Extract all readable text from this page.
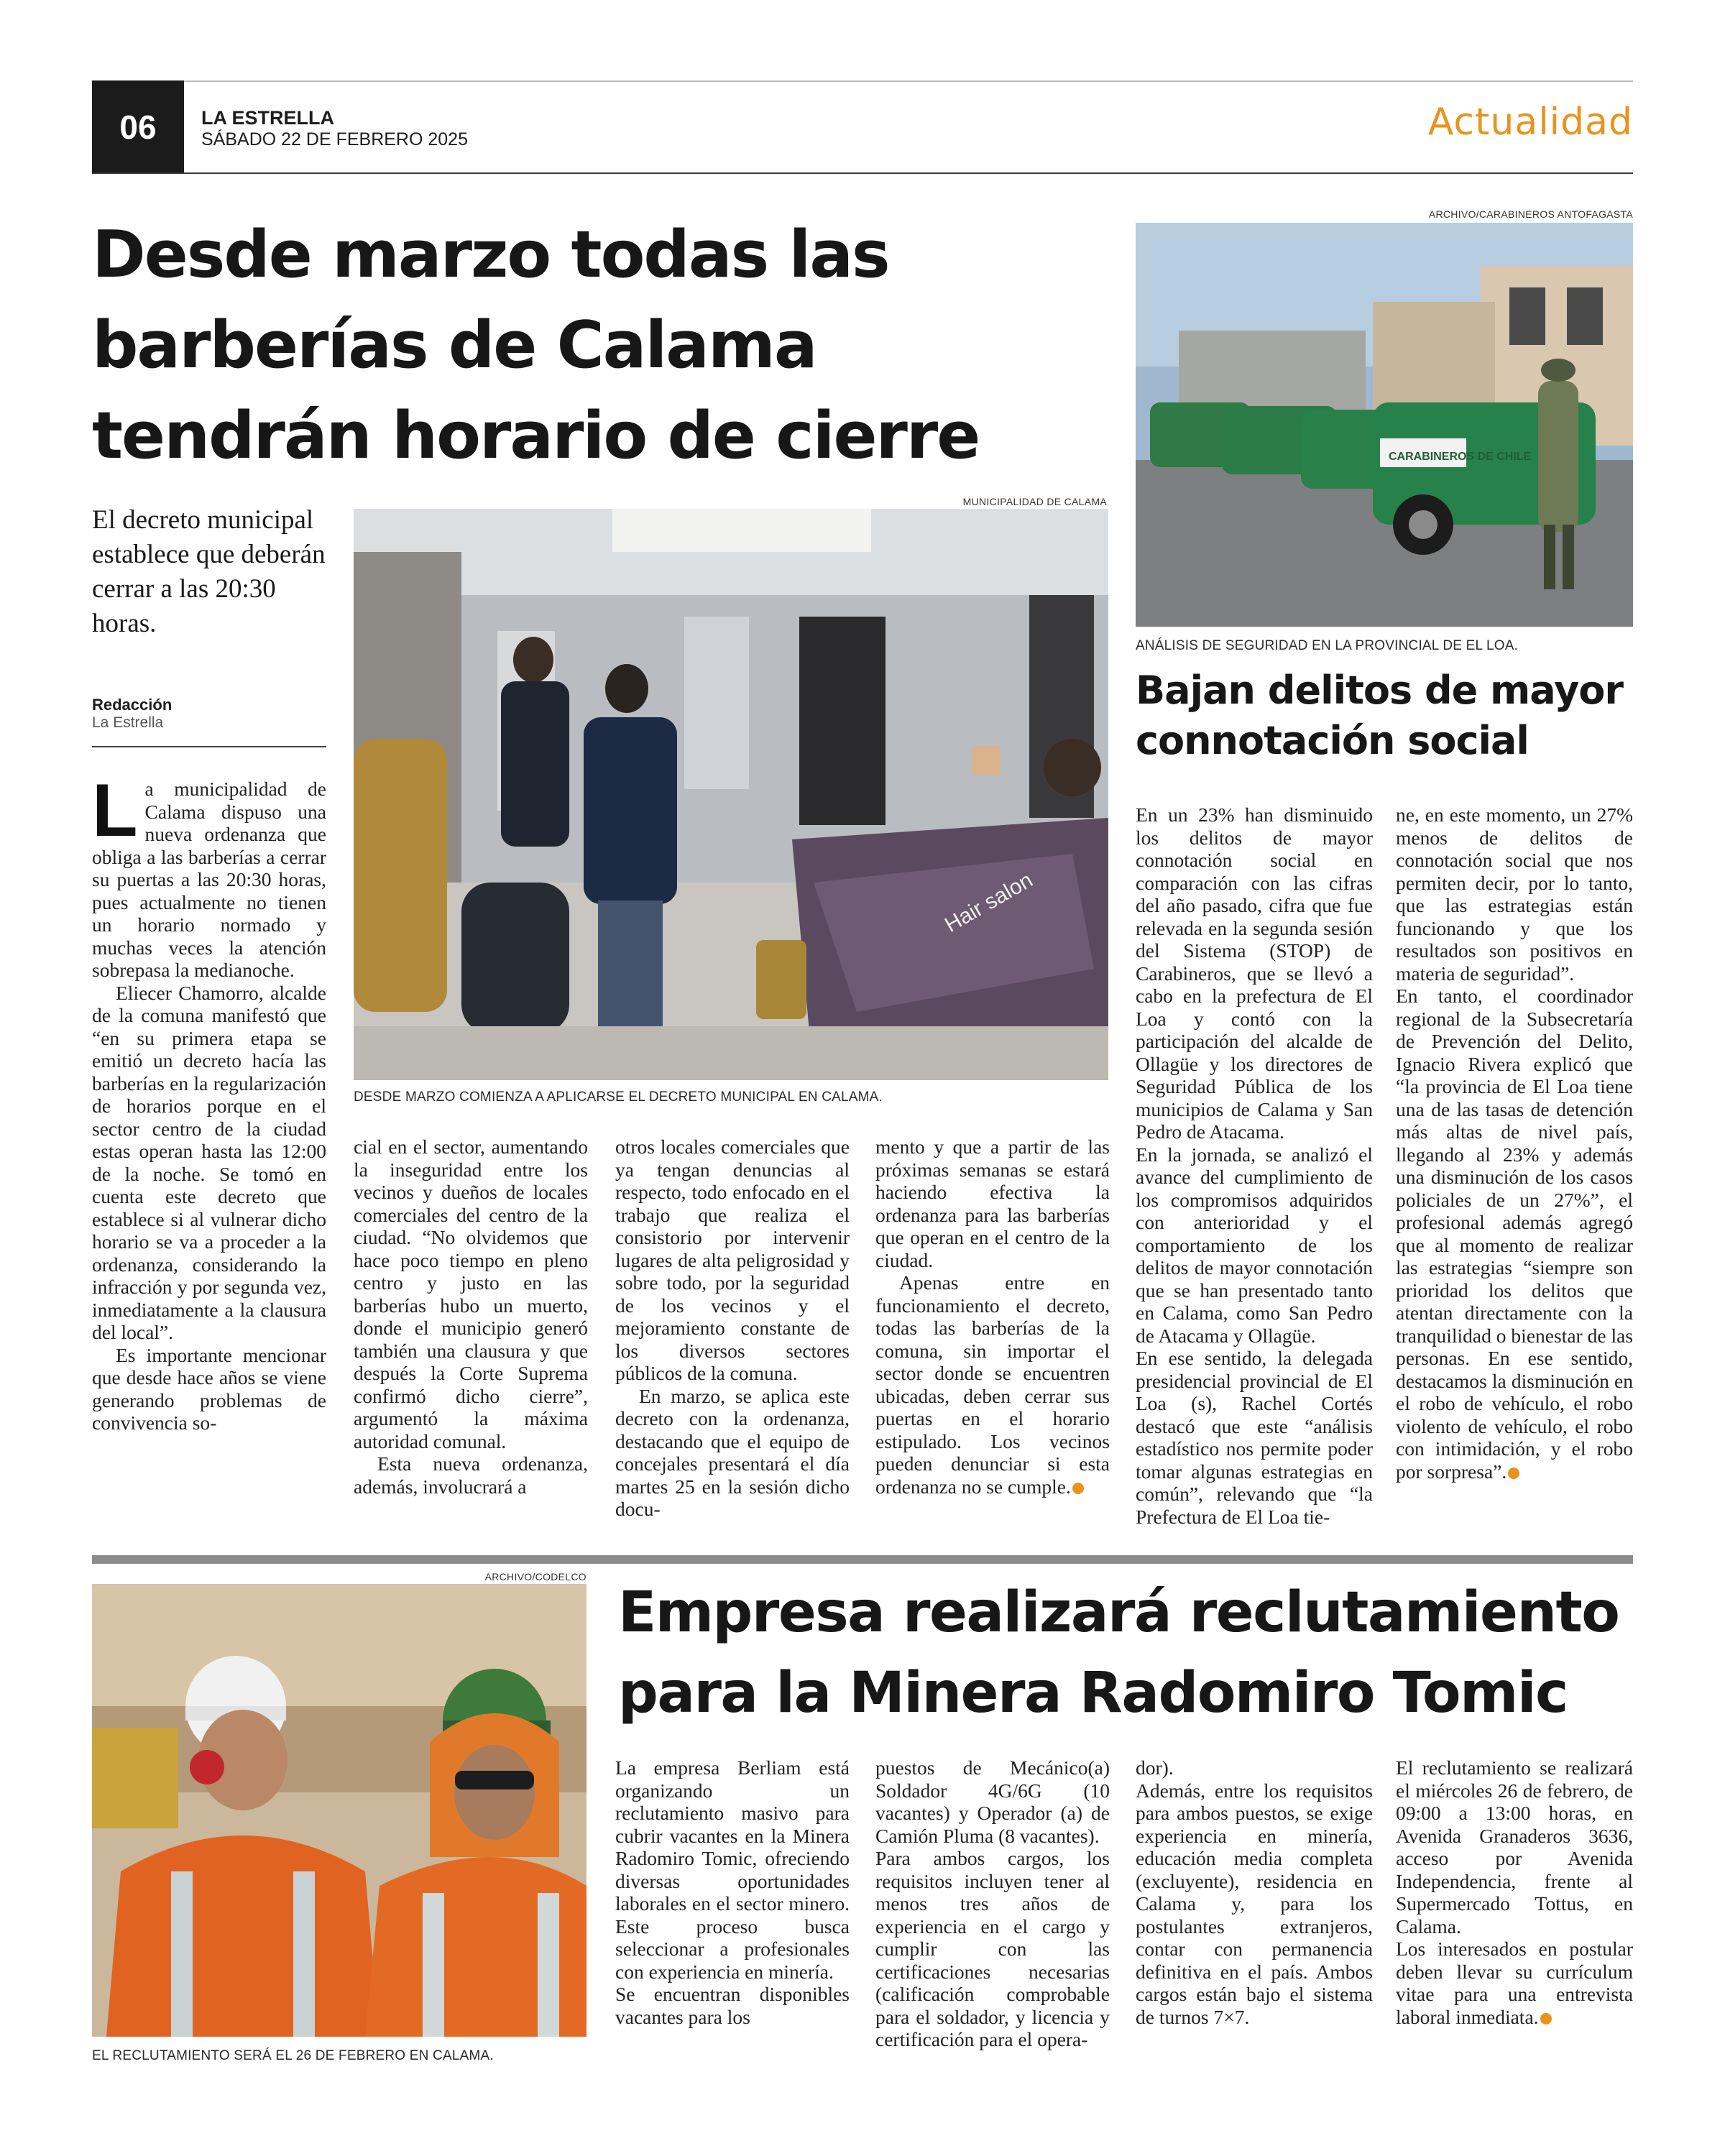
06	LA ESTRELLA
SÁBADO 22 DE FEBRERO 2025	Actualidad
Desde marzo todas las barberías de Calama tendrán horario de cierre
El decreto municipal establece que deberán cerrar a las 20:30 horas.
Redacción
La Estrella
MUNICIPALIDAD DE CALAMA
Hair salon
DESDE MARZO COMIENZA A APLICARSE EL DECRETO MUNICIPAL EN CALAMA.

La municipalidad de Calama dispuso una nueva ordenanza que obliga a las barberías a cerrar su puertas a las 20:30 horas, pues actualmente no tienen un horario normado y muchas veces la atención sobrepasa la medianoche.

Eliecer Chamorro, alcalde de la comuna manifestó que “en su primera etapa se emitió un decreto hacía las barberías en la regularización de horarios porque en el sector centro de la ciudad estas operan hasta las 12:00 de la noche. Se tomó en cuenta este decreto que establece si al vulnerar dicho horario se va a proceder a la ordenanza, considerando la infracción y por segunda vez, inmediatamente a la clausura del local”.

Es importante mencionar que desde hace años se viene generando problemas de convivencia so-

cial en el sector, aumentando la inseguridad entre los vecinos y dueños de locales comerciales del centro de la ciudad. “No olvidemos que hace poco tiempo en pleno centro y justo en las barberías hubo un muerto, donde el municipio generó también una clausura y que después la Corte Suprema confirmó dicho cierre”, argumentó la máxima autoridad comunal.

Esta nueva ordenanza, además, involucrará a

otros locales comerciales que ya tengan denuncias al respecto, todo enfocado en el trabajo que realiza el consistorio por intervenir lugares de alta peligrosidad y sobre todo, por la seguridad de los vecinos y el mejoramiento constante de los diversos sectores públicos de la comuna.

En marzo, se aplica este decreto con la ordenanza, destacando que el equipo de concejales presentará el día martes 25 en la sesión dicho docu-

mento y que a partir de las próximas semanas se estará haciendo efectiva la ordenanza para las barberías que operan en el centro de la ciudad.

Apenas entre en funcionamiento el decreto, todas las barberías de la comuna, sin importar el sector donde se encuentren ubicadas, deben cerrar sus puertas en el horario estipulado. Los vecinos pueden denunciar si esta ordenanza no se cumple.

ARCHIVO/CARABINEROS ANTOFAGASTA
CARABINEROS DE CHILE
ANÁLISIS DE SEGURIDAD EN LA PROVINCIAL DE EL LOA.
Bajan delitos de mayor connotación social

En un 23% han disminuido los delitos de mayor connotación social en comparación con las cifras del año pasado, cifra que fue relevada en la segunda sesión del Sistema (STOP) de Carabineros, que se llevó a cabo en la prefectura de El Loa y contó con la participación del alcalde de Ollagüe y los directores de Seguridad Pública de los municipios de Calama y San Pedro de Atacama.

En la jornada, se analizó el avance del cumplimiento de los compromisos adquiridos con anterioridad y el comportamiento de los delitos de mayor connotación que se han presentado tanto en Calama, como San Pedro de Atacama y Ollagüe.

En ese sentido, la delegada presidencial provincial de El Loa (s), Rachel Cortés destacó que este “análisis estadístico nos permite poder tomar algunas estrategias en común”, relevando que “la Prefectura de El Loa tie-

ne, en este momento, un 27% menos de delitos de connotación social que nos permiten decir, por lo tanto, que las estrategias están funcionando y que los resultados son positivos en materia de seguridad”.

En tanto, el coordinador regional de la Subsecretaría de Prevención del Delito, Ignacio Rivera explicó que “la provincia de El Loa tiene una de las tasas de detención más altas de nivel país, llegando al 23% y además una disminución de los casos policiales de un 27%”, el profesional además agregó que al momento de realizar las estrategias “siempre son prioridad los delitos que atentan directamente con la tranquilidad o bienestar de las personas. En ese sentido, destacamos la disminución en el robo de vehículo, el robo violento de vehículo, el robo con intimidación, y el robo por sorpresa”.

ARCHIVO/CODELCO
EL RECLUTAMIENTO SERÁ EL 26 DE FEBRERO EN CALAMA.
Empresa realizará reclutamiento para la Minera Radomiro Tomic

La empresa Berliam está organizando un reclutamiento masivo para cubrir vacantes en la Minera Radomiro Tomic, ofreciendo diversas oportunidades laborales en el sector minero. Este proceso busca seleccionar a profesionales con experiencia en minería.

Se encuentran disponibles vacantes para los

puestos de Mecánico(a) Soldador 4G/6G (10 vacantes) y Operador (a) de Camión Pluma (8 vacantes).

Para ambos cargos, los requisitos incluyen tener al menos tres años de experiencia en el cargo y cumplir con las certificaciones necesarias (calificación comprobable para el soldador, y licencia y certificación para el opera-

dor).

Además, entre los requisitos para ambos puestos, se exige experiencia en minería, educación media completa (excluyente), residencia en Calama y, para los postulantes extranjeros, contar con permanencia definitiva en el país. Ambos cargos están bajo el sistema de turnos 7×7.

El reclutamiento se realizará el miércoles 26 de febrero, de 09:00 a 13:00 horas, en Avenida Granaderos 3636, acceso por Avenida Independencia, frente al Supermercado Tottus, en Calama.

Los interesados en postular deben llevar su currículum vitae para una entrevista laboral inmediata.
